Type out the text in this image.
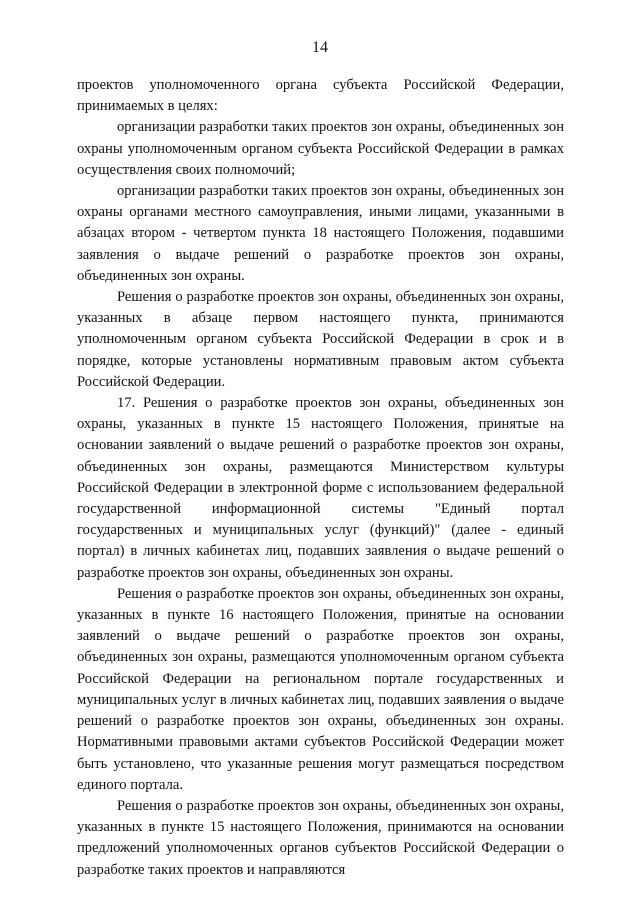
14

проектов уполномоченного органа субъекта Российской Федерации, принимаемых в целях:

организации разработки таких проектов зон охраны, объединенных зон охраны уполномоченным органом субъекта Российской Федерации в рамках осуществления своих полномочий;

организации разработки таких проектов зон охраны, объединенных зон охраны органами местного самоуправления, иными лицами, указанными в абзацах втором - четвертом пункта 18 настоящего Положения, подавшими заявления о выдаче решений о разработке проектов зон охраны, объединенных зон охраны.

Решения о разработке проектов зон охраны, объединенных зон охраны, указанных в абзаце первом настоящего пункта, принимаются уполномоченным органом субъекта Российской Федерации в срок и в порядке, которые установлены нормативным правовым актом субъекта Российской Федерации.

17. Решения о разработке проектов зон охраны, объединенных зон охраны, указанных в пункте 15 настоящего Положения, принятые на основании заявлений о выдаче решений о разработке проектов зон охраны, объединенных зон охраны, размещаются Министерством культуры Российской Федерации в электронной форме с использованием федеральной государственной информационной системы "Единый портал государственных и муниципальных услуг (функций)" (далее - единый портал) в личных кабинетах лиц, подавших заявления о выдаче решений о разработке проектов зон охраны, объединенных зон охраны.

Решения о разработке проектов зон охраны, объединенных зон охраны, указанных в пункте 16 настоящего Положения, принятые на основании заявлений о выдаче решений о разработке проектов зон охраны, объединенных зон охраны, размещаются уполномоченным органом субъекта Российской Федерации на региональном портале государственных и муниципальных услуг в личных кабинетах лиц, подавших заявления о выдаче решений о разработке проектов зон охраны, объединенных зон охраны. Нормативными правовыми актами субъектов Российской Федерации может быть установлено, что указанные решения могут размещаться посредством единого портала.

Решения о разработке проектов зон охраны, объединенных зон охраны, указанных в пункте 15 настоящего Положения, принимаются на основании предложений уполномоченных органов субъектов Российской Федерации о разработке таких проектов и направляются
